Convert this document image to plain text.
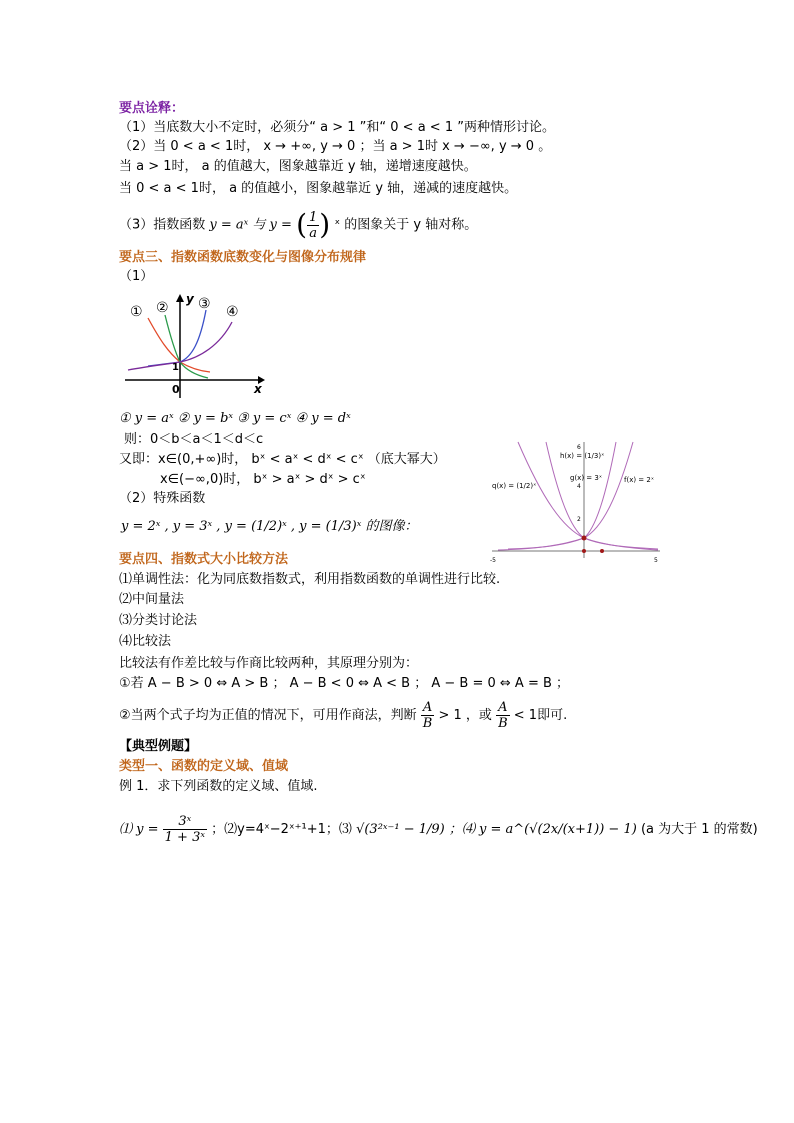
要点诠释：
（1）当底数大小不定时，必须分“ a > 1 ”和“ 0 < a < 1 ”两种情形讨论。
（2）当 0 < a < 1时， x → +∞, y → 0 ；当 a > 1时 x → −∞, y → 0 。
当 a > 1时， a 的值越大，图象越靠近 y 轴，递增速度越快。
当 0 < a < 1时， a 的值越小，图象越靠近 y 轴，递减的速度越快。
（3）指数函数 y = aˣ 与 y = ( $\frac{1}{a}$ ) ˣ 的图象关于 y 轴对称。
要点三、指数函数底数变化与图像分布规律
（1）
① ② ③ ④
y
x
0
1
① y = aˣ ② y = bˣ ③ y = cˣ ④ y = dˣ
则：0＜b＜a＜1＜d＜c
又即：x∈(0,+∞)时， bˣ < aˣ < dˣ < cˣ （底大幂大）
x∈(−∞,0)时， bˣ > aˣ > dˣ > cˣ
（2）特殊函数
y = 2ˣ , y = 3ˣ , y = (1/2)ˣ , y = (1/3)ˣ 的图像：
h(x) = (1/3)ˣ
q(x) = (1/2)ˣ
g(x) = 3ˣ	f(x) = 2ˣ
6
4
2
-5	5
要点四、指数式大小比较方法
⑴单调性法：化为同底数指数式，利用指数函数的单调性进行比较.
⑵中间量法
⑶分类讨论法
⑷比较法
比较法有作差比较与作商比较两种，其原理分别为：
①若 A − B > 0 ⇔ A > B ； A − B < 0 ⇔ A < B ； A − B = 0 ⇔ A = B ；
②当两个式子均为正值的情况下，可用作商法，判断 $\frac{A}{B} > 1$ ，或 $\frac{A}{B} < 1$即可.
【典型例题】
类型一、函数的定义域、值域
例 1．求下列函数的定义域、值域.
⑴ $y = \frac{\text{3ˣ}}{\text{1 + 3ˣ}}$ ；⑵y=4ˣ−2ˣ⁺¹+1；⑶ √(3²ˣ⁻¹ − 1/9) ；⑷ y = a^(√(2x/(x+1)) − 1) (a 为大于 1 的常数)
